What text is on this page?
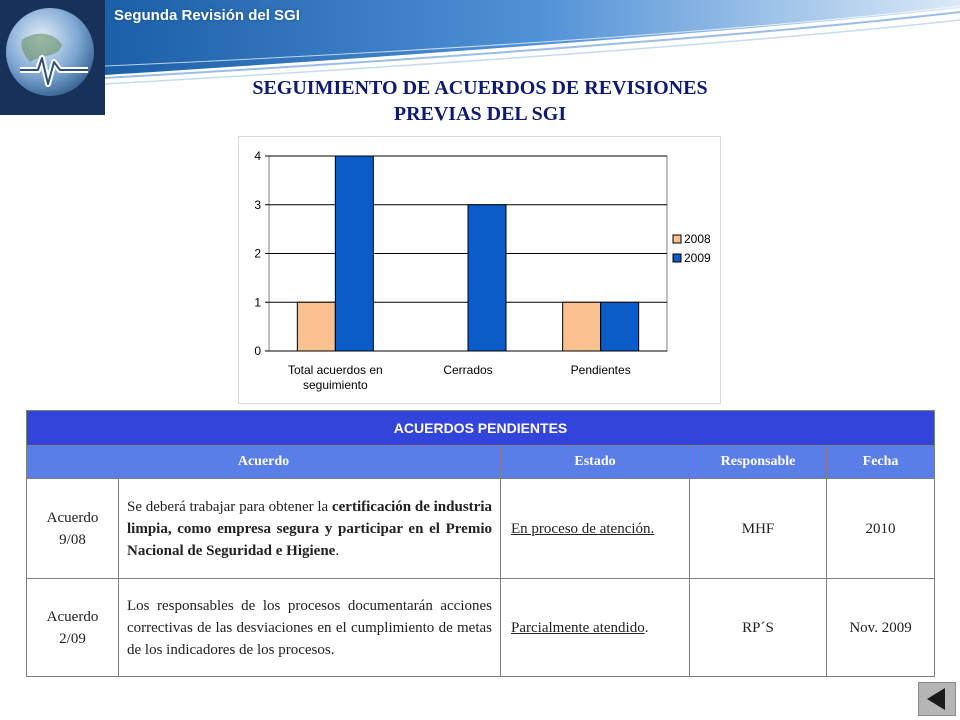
Segunda Revisión del SGI
SEGUIMIENTO DE ACUERDOS DE REVISIONES
PREVIAS DEL SGI
0
1
2
3
4
Total acuerdos en
seguimiento
Cerrados	Pendientes
2008
2009
ACUERDOS PENDIENTES				
Acuerdo		Estado	Responsable	Fecha
Acuerdo
9/08	Se deberá trabajar para obtener la certificación de industria limpia, como empresa segura y participar en el Premio Nacional de Seguridad e Higiene.	En proceso de atención.	MHF	2010
Acuerdo
2/09	Los responsables de los procesos documentarán acciones correctivas de las desviaciones en el cumplimiento de metas de los indicadores de los procesos.	Parcialmente atendido.	RP´S	Nov. 2009
